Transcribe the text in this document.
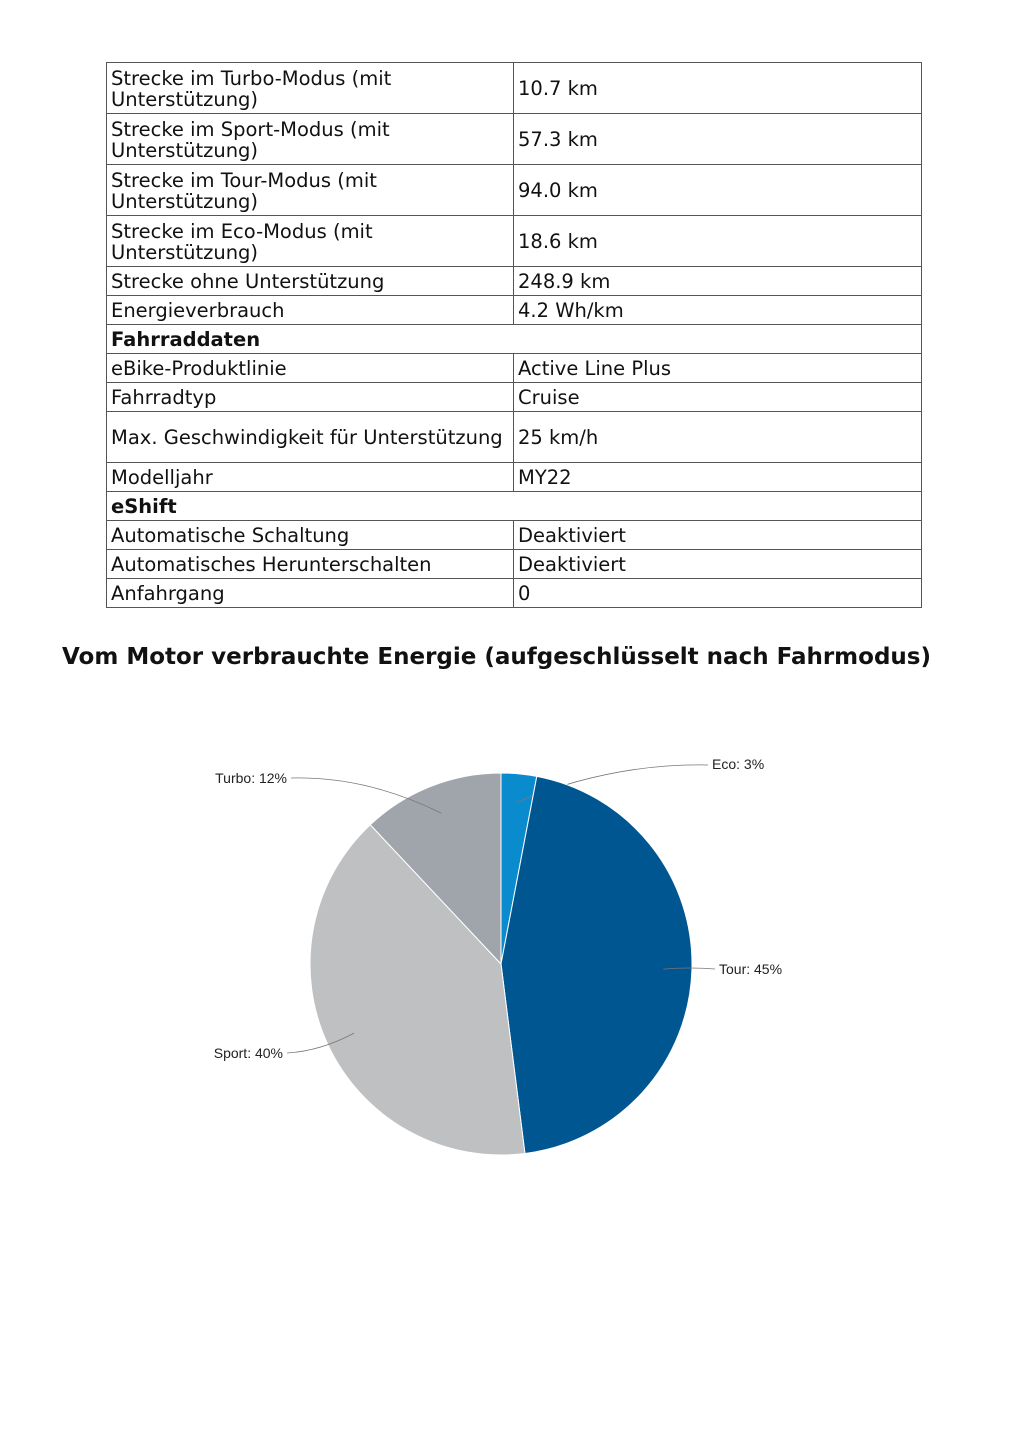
Strecke im Turbo-Modus (mit Unterstützung)	10.7 km
Strecke im Sport-Modus (mit Unterstützung)	57.3 km
Strecke im Tour-Modus (mit Unterstützung)	94.0 km
Strecke im Eco-Modus (mit Unterstützung)	18.6 km
Strecke ohne Unterstützung	248.9 km
Energieverbrauch	4.2 Wh/km
Fahrraddaten	
eBike-Produktlinie	Active Line Plus
Fahrradtyp	Cruise
Max. Geschwindigkeit für Unterstützung	25 km/h
Modelljahr	MY22
eShift	
Automatische Schaltung	Deaktiviert
Automatisches Herunterschalten	Deaktiviert
Anfahrgang	0
Vom Motor verbrauchte Energie (aufgeschlüsselt nach Fahrmodus)
Eco: 3%
Tour: 45%
Sport: 40%
Turbo: 12%
